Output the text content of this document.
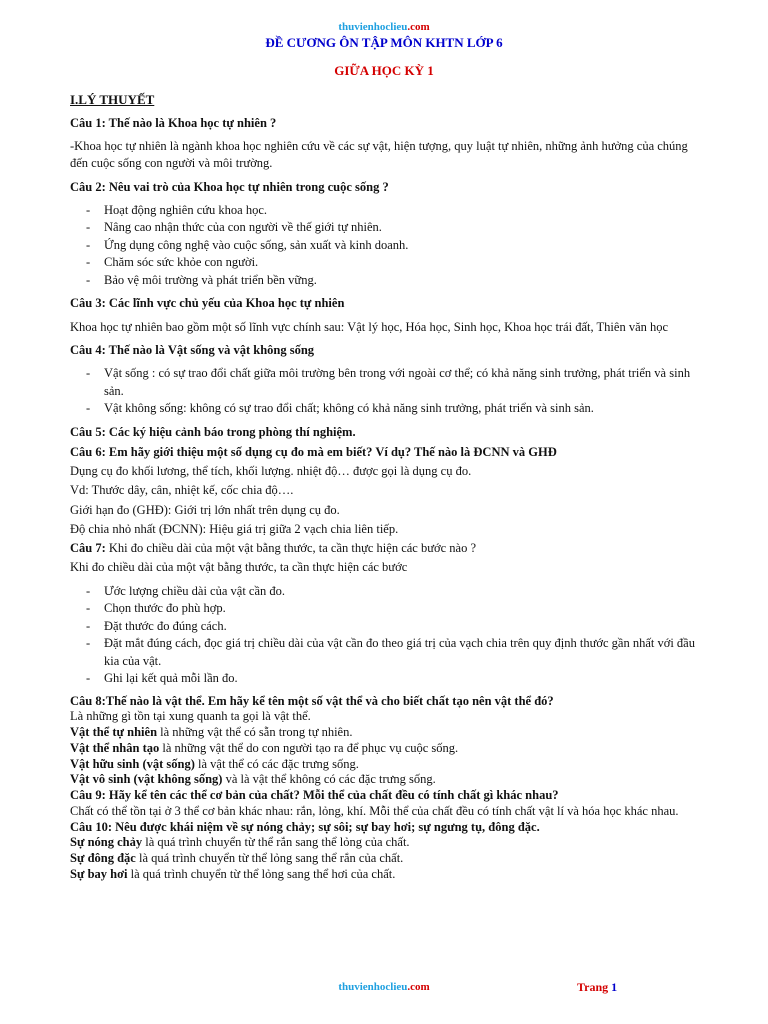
thuvienhoclieu.com
ĐỀ CƯƠNG ÔN TẬP MÔN KHTN LỚP 6
GIỮA HỌC KỲ 1
I.LÝ THUYẾT
Câu 1: Thế nào là Khoa học tự nhiên ?
-Khoa học tự nhiên là ngành khoa học nghiên cứu về các sự vật, hiện tượng, quy luật tự nhiên, những ảnh hưởng của chúng đến cuộc sống con người và môi trường.
Câu 2: Nêu vai trò của Khoa học tự nhiên trong cuộc sống ?
- Hoạt động nghiên cứu khoa học.
- Nâng cao nhận thức của con người về thế giới tự nhiên.
- Ứng dụng công nghệ vào cuộc sống, sản xuất và kinh doanh.
- Chăm sóc sức khỏe con người.
- Bảo vệ môi trường và phát triển bền vững.
Câu 3: Các lĩnh vực chủ yếu của Khoa học tự nhiên
Khoa học tự nhiên bao gồm một số lĩnh vực chính sau: Vật lý học, Hóa học, Sinh học, Khoa học trái đất, Thiên văn học
Câu 4: Thế nào là Vật sống và vật không sống
- Vật sống : có sự trao đổi chất giữa môi trường bên trong với ngoài cơ thể; có khả năng sinh trưởng, phát triển và sinh sản.
- Vật không sống: không có sự trao đổi chất; không có khả năng sinh trưởng, phát triển và sinh sản.
Câu 5: Các ký hiệu cảnh báo trong phòng thí nghiệm.
Câu 6: Em hãy giới thiệu một số dụng cụ đo mà em biết? Ví dụ? Thế nào là ĐCNN và GHĐ
Dụng cụ đo khối lương, thể tích, khối lượng. nhiệt độ… được gọi là dụng cụ đo.
Vd: Thước dây, cân, nhiệt kế, cốc chia độ….
Giới hạn đo (GHĐ): Giới trị lớn nhất trên dụng cụ đo.
Độ chia nhỏ nhất (ĐCNN): Hiệu giá trị giữa 2 vạch chia liên tiếp.
Câu 7: Khi đo chiều dài của một vật bằng thước, ta cần thực hiện các bước nào ?
Khi đo chiều dài của một vật bằng thước, ta cần thực hiện các bước
- Ước lượng chiều dài của vật cần đo.
- Chọn thước đo phù hợp.
- Đặt thước đo đúng cách.
- Đặt mắt đúng cách, đọc giá trị chiều dài của vật cần đo theo giá trị của vạch chia trên quy định thước gần nhất với đầu kia của vật.
- Ghi lại kết quả mỗi lần đo.
Câu 8:Thế nào là vật thể. Em hãy kể tên một số vật thể và cho biết chất tạo nên vật thể đó?
Là những gì tồn tại xung quanh ta gọi là vật thể.
Vật thể tự nhiên là những vật thể có sẵn trong tự nhiên.
Vật thể nhân tạo là những vật thể do con người tạo ra để phục vụ cuộc sống.
Vật hữu sinh (vật sống) là vật thể có các đặc trưng sống.
Vật vô sinh (vật không sống) và là vật thể không có các đặc trưng sống.
Câu 9: Hãy kể tên các thể cơ bản của chất? Mỗi thể của chất đều có tính chất gì khác nhau?
Chất có thể tồn tại ở 3 thể cơ bản khác nhau: rắn, lỏng, khí. Mỗi thể của chất đều có tính chất vật lí và hóa học khác nhau.
Câu 10: Nêu được khái niệm về sự nóng chảy; sự sôi; sự bay hơi; sự ngưng tụ, đông đặc.
Sự nóng chảy là quá trình chuyển từ thể rắn sang thể lỏng của chất.
Sự đông đặc là quá trình chuyển từ thể lỏng sang thể rắn của chất.
Sự bay hơi là quá trình chuyển từ thể lỏng sang thể hơi của chất.
thuvienhoclieu.com	Trang 1
